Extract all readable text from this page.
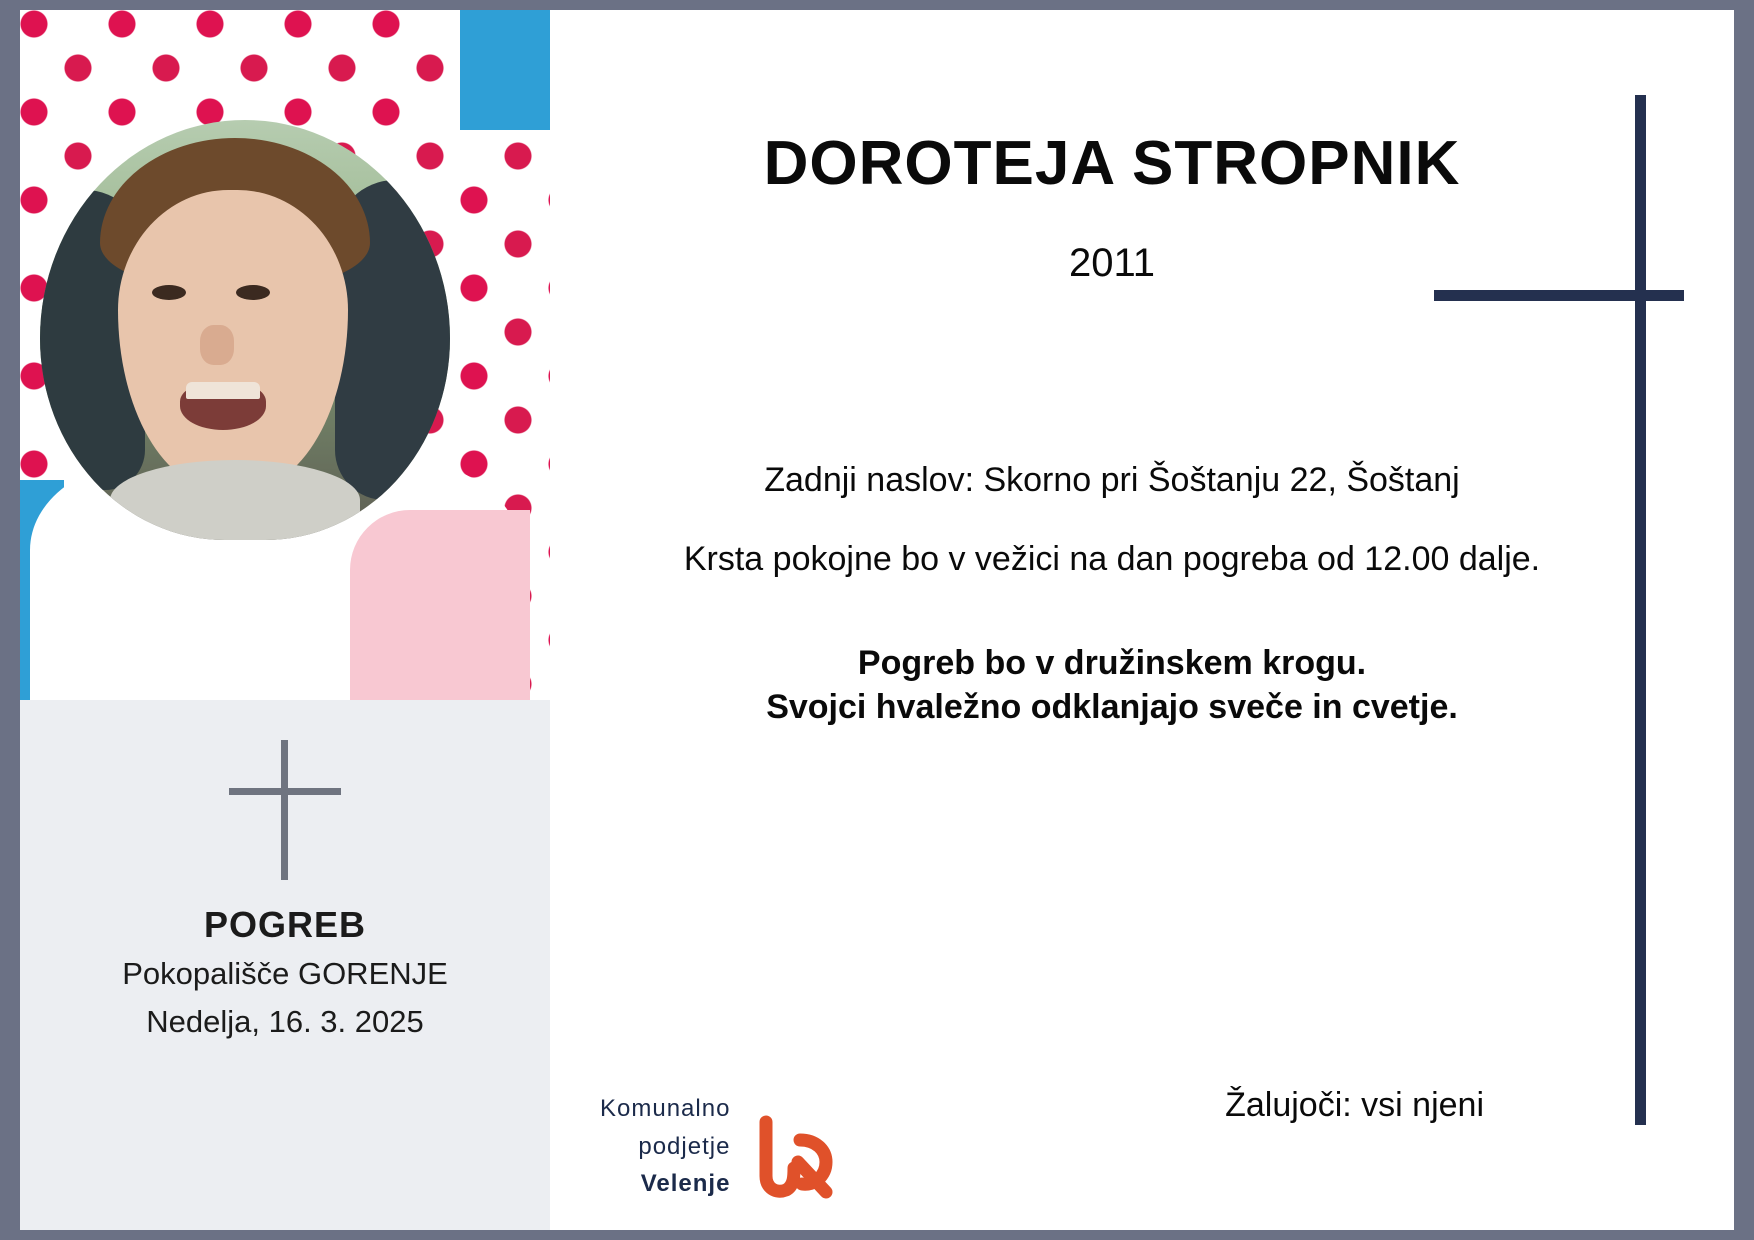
POGREB
Pokopališče GORENJE
Nedelja, 16. 3. 2025
DOROTEJA STROPNIK
2011

Zadnji naslov: Skorno pri Šoštanju 22, Šoštanj

Krsta pokojne bo v vežici na dan pogreba od 12.00 dalje.

Pogreb bo v družinskem krogu.

Svojci hvaležno odklanjajo sveče in cvetje.

Žalujoči: vsi njeni
Komunalno
podjetje
Velenje
